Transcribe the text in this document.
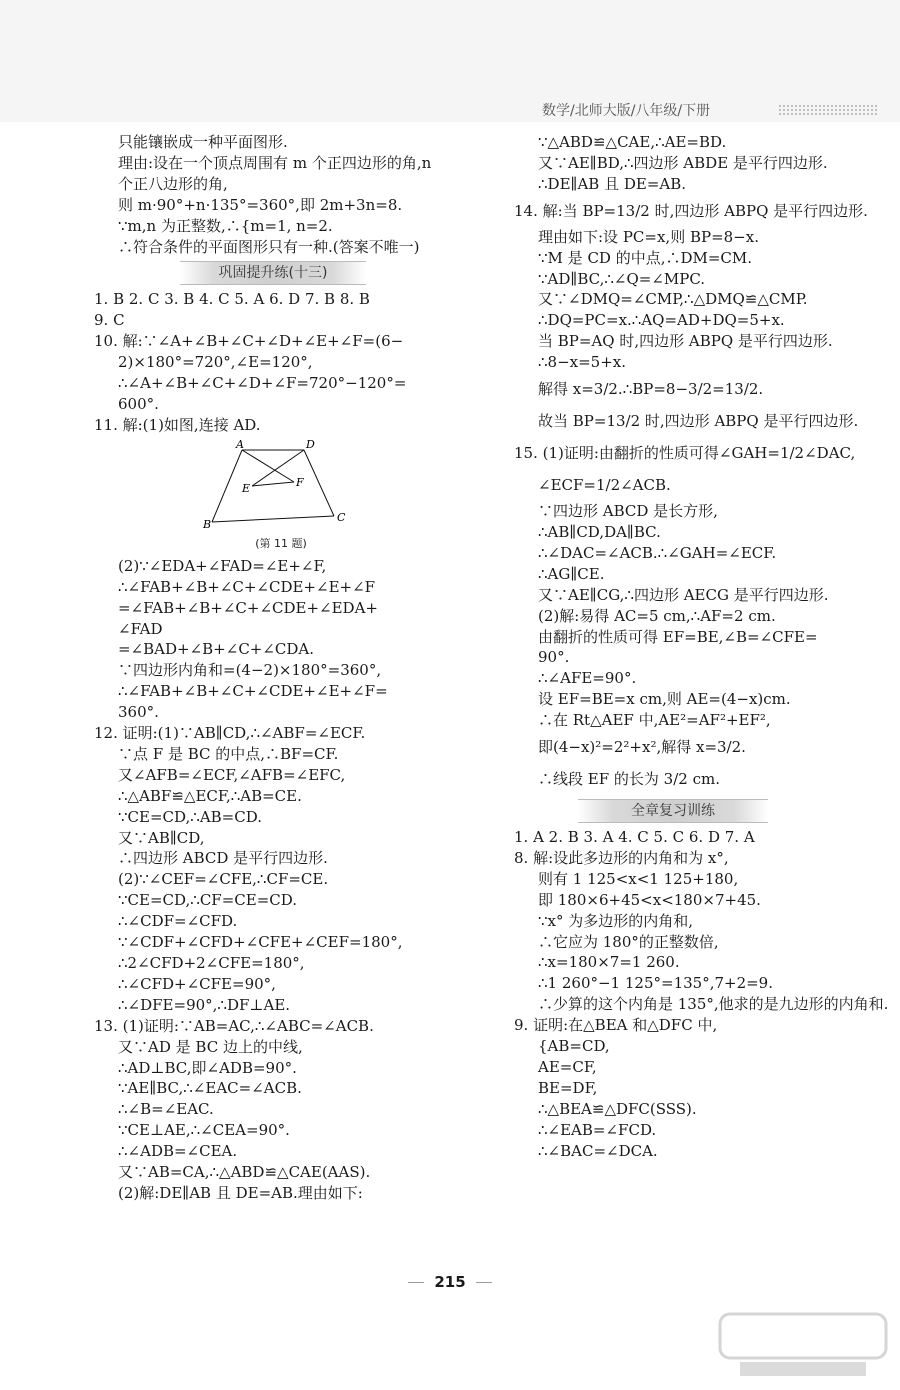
数学/北师大版/八年级/下册
只能镶嵌成一种平面图形.
理由:设在一个顶点周围有 m 个正四边形的角,n
个正八边形的角,
则 m·90°+n·135°=360°,即 2m+3n=8.
∵m,n 为正整数,∴{m=1, n=2.
∴符合条件的平面图形只有一种.(答案不唯一)
巩固提升练(十三)
1. B 2. C 3. B 4. C 5. A 6. D 7. B 8. B
9. C
10. 解:∵∠A+∠B+∠C+∠D+∠E+∠F=(6−
2)×180°=720°,∠E=120°,
∴∠A+∠B+∠C+∠D+∠F=720°−120°=
600°.
11. 解:(1)如图,连接 AD.
A	D
E	F
B
C
(第 11 题)
(2)∵∠EDA+∠FAD=∠E+∠F,
∴∠FAB+∠B+∠C+∠CDE+∠E+∠F
=∠FAB+∠B+∠C+∠CDE+∠EDA+
∠FAD
=∠BAD+∠B+∠C+∠CDA.
∵四边形内角和=(4−2)×180°=360°,
∴∠FAB+∠B+∠C+∠CDE+∠E+∠F=
360°.
12. 证明:(1)∵AB∥CD,∴∠ABF=∠ECF.
∵点 F 是 BC 的中点,∴BF=CF.
又∠AFB=∠ECF,∠AFB=∠EFC,
∴△ABF≌△ECF,∴AB=CE.
∵CE=CD,∴AB=CD.
又∵AB∥CD,
∴四边形 ABCD 是平行四边形.
(2)∵∠CEF=∠CFE,∴CF=CE.
∵CE=CD,∴CF=CE=CD.
∴∠CDF=∠CFD.
∵∠CDF+∠CFD+∠CFE+∠CEF=180°,
∴2∠CFD+2∠CFE=180°,
∴∠CFD+∠CFE=90°,
∴∠DFE=90°,∴DF⊥AE.
13. (1)证明:∵AB=AC,∴∠ABC=∠ACB.
又∵AD 是 BC 边上的中线,
∴AD⊥BC,即∠ADB=90°.
∵AE∥BC,∴∠EAC=∠ACB.
∴∠B=∠EAC.
∵CE⊥AE,∴∠CEA=90°.
∴∠ADB=∠CEA.
又∵AB=CA,∴△ABD≌△CAE(AAS).
(2)解:DE∥AB 且 DE=AB.理由如下:
∵△ABD≌△CAE,∴AE=BD.
又∵AE∥BD,∴四边形 ABDE 是平行四边形.
∴DE∥AB 且 DE=AB.
14. 解:当 BP=13/2 时,四边形 ABPQ 是平行四边形.
理由如下:设 PC=x,则 BP=8−x.
∵M 是 CD 的中点,∴DM=CM.
∵AD∥BC,∴∠Q=∠MPC.
又∵∠DMQ=∠CMP,∴△DMQ≌△CMP.
∴DQ=PC=x.∴AQ=AD+DQ=5+x.
当 BP=AQ 时,四边形 ABPQ 是平行四边形.
∴8−x=5+x.
解得 x=3/2.∴BP=8−3/2=13/2.
故当 BP=13/2 时,四边形 ABPQ 是平行四边形.
15. (1)证明:由翻折的性质可得∠GAH=1/2∠DAC,
∠ECF=1/2∠ACB.
∵四边形 ABCD 是长方形,
∴AB∥CD,DA∥BC.
∴∠DAC=∠ACB.∴∠GAH=∠ECF.
∴AG∥CE.
又∵AE∥CG,∴四边形 AECG 是平行四边形.
(2)解:易得 AC=5 cm,∴AF=2 cm.
由翻折的性质可得 EF=BE,∠B=∠CFE=
90°.
∴∠AFE=90°.
设 EF=BE=x cm,则 AE=(4−x)cm.
∴在 Rt△AEF 中,AE²=AF²+EF²,
即(4−x)²=2²+x²,解得 x=3/2.
∴线段 EF 的长为 3/2 cm.
全章复习训练
1. A 2. B 3. A 4. C 5. C 6. D 7. A
8. 解:设此多边形的内角和为 x°,
则有 1 125<x<1 125+180,
即 180×6+45<x<180×7+45.
∵x° 为多边形的内角和,
∴它应为 180°的正整数倍,
∴x=180×7=1 260.
∴1 260°−1 125°=135°,7+2=9.
∴少算的这个内角是 135°,他求的是九边形的内角和.
9. 证明:在△BEA 和△DFC 中,
{AB=CD,
AE=CF,
BE=DF,
∴△BEA≌△DFC(SSS).
∴∠EAB=∠FCD.
∴∠BAC=∠DCA.
215
